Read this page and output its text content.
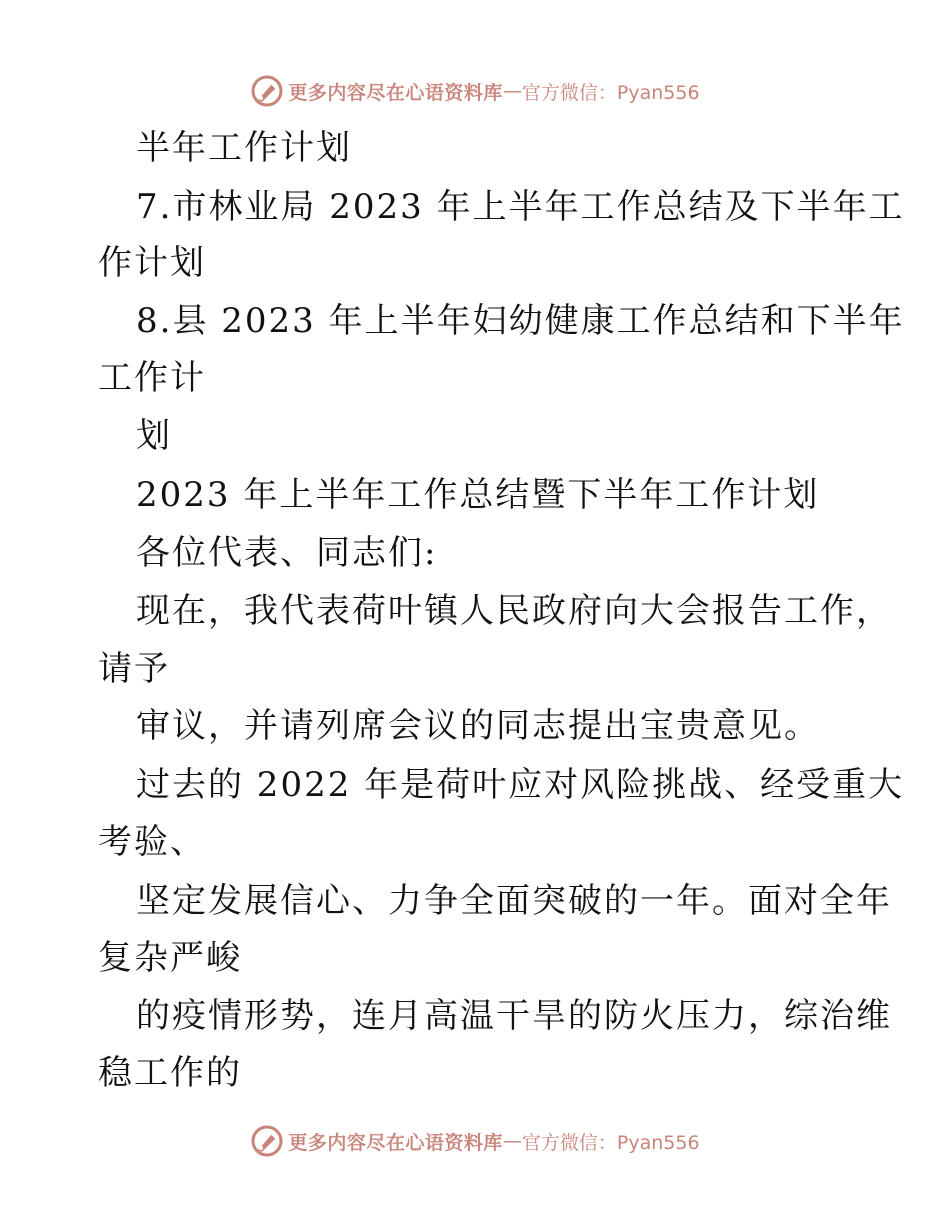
更多内容尽在心语资料库 — 官方微信：Pyan556
半年工作计划
7.市林业局 2023 年上半年工作总结及下半年工
作计划
8.县 2023 年上半年妇幼健康工作总结和下半年
工作计
划
2023 年上半年工作总结暨下半年工作计划
各位代表、同志们:
现在，我代表荷叶镇人民政府向大会报告工作，
请予
审议，并请列席会议的同志提出宝贵意见。
过去的 2022 年是荷叶应对风险挑战、经受重大
考验、
坚定发展信心、力争全面突破的一年。面对全年
复杂严峻
的疫情形势，连月高温干旱的防火压力，综治维
稳工作的
更多内容尽在心语资料库 — 官方微信：Pyan556
